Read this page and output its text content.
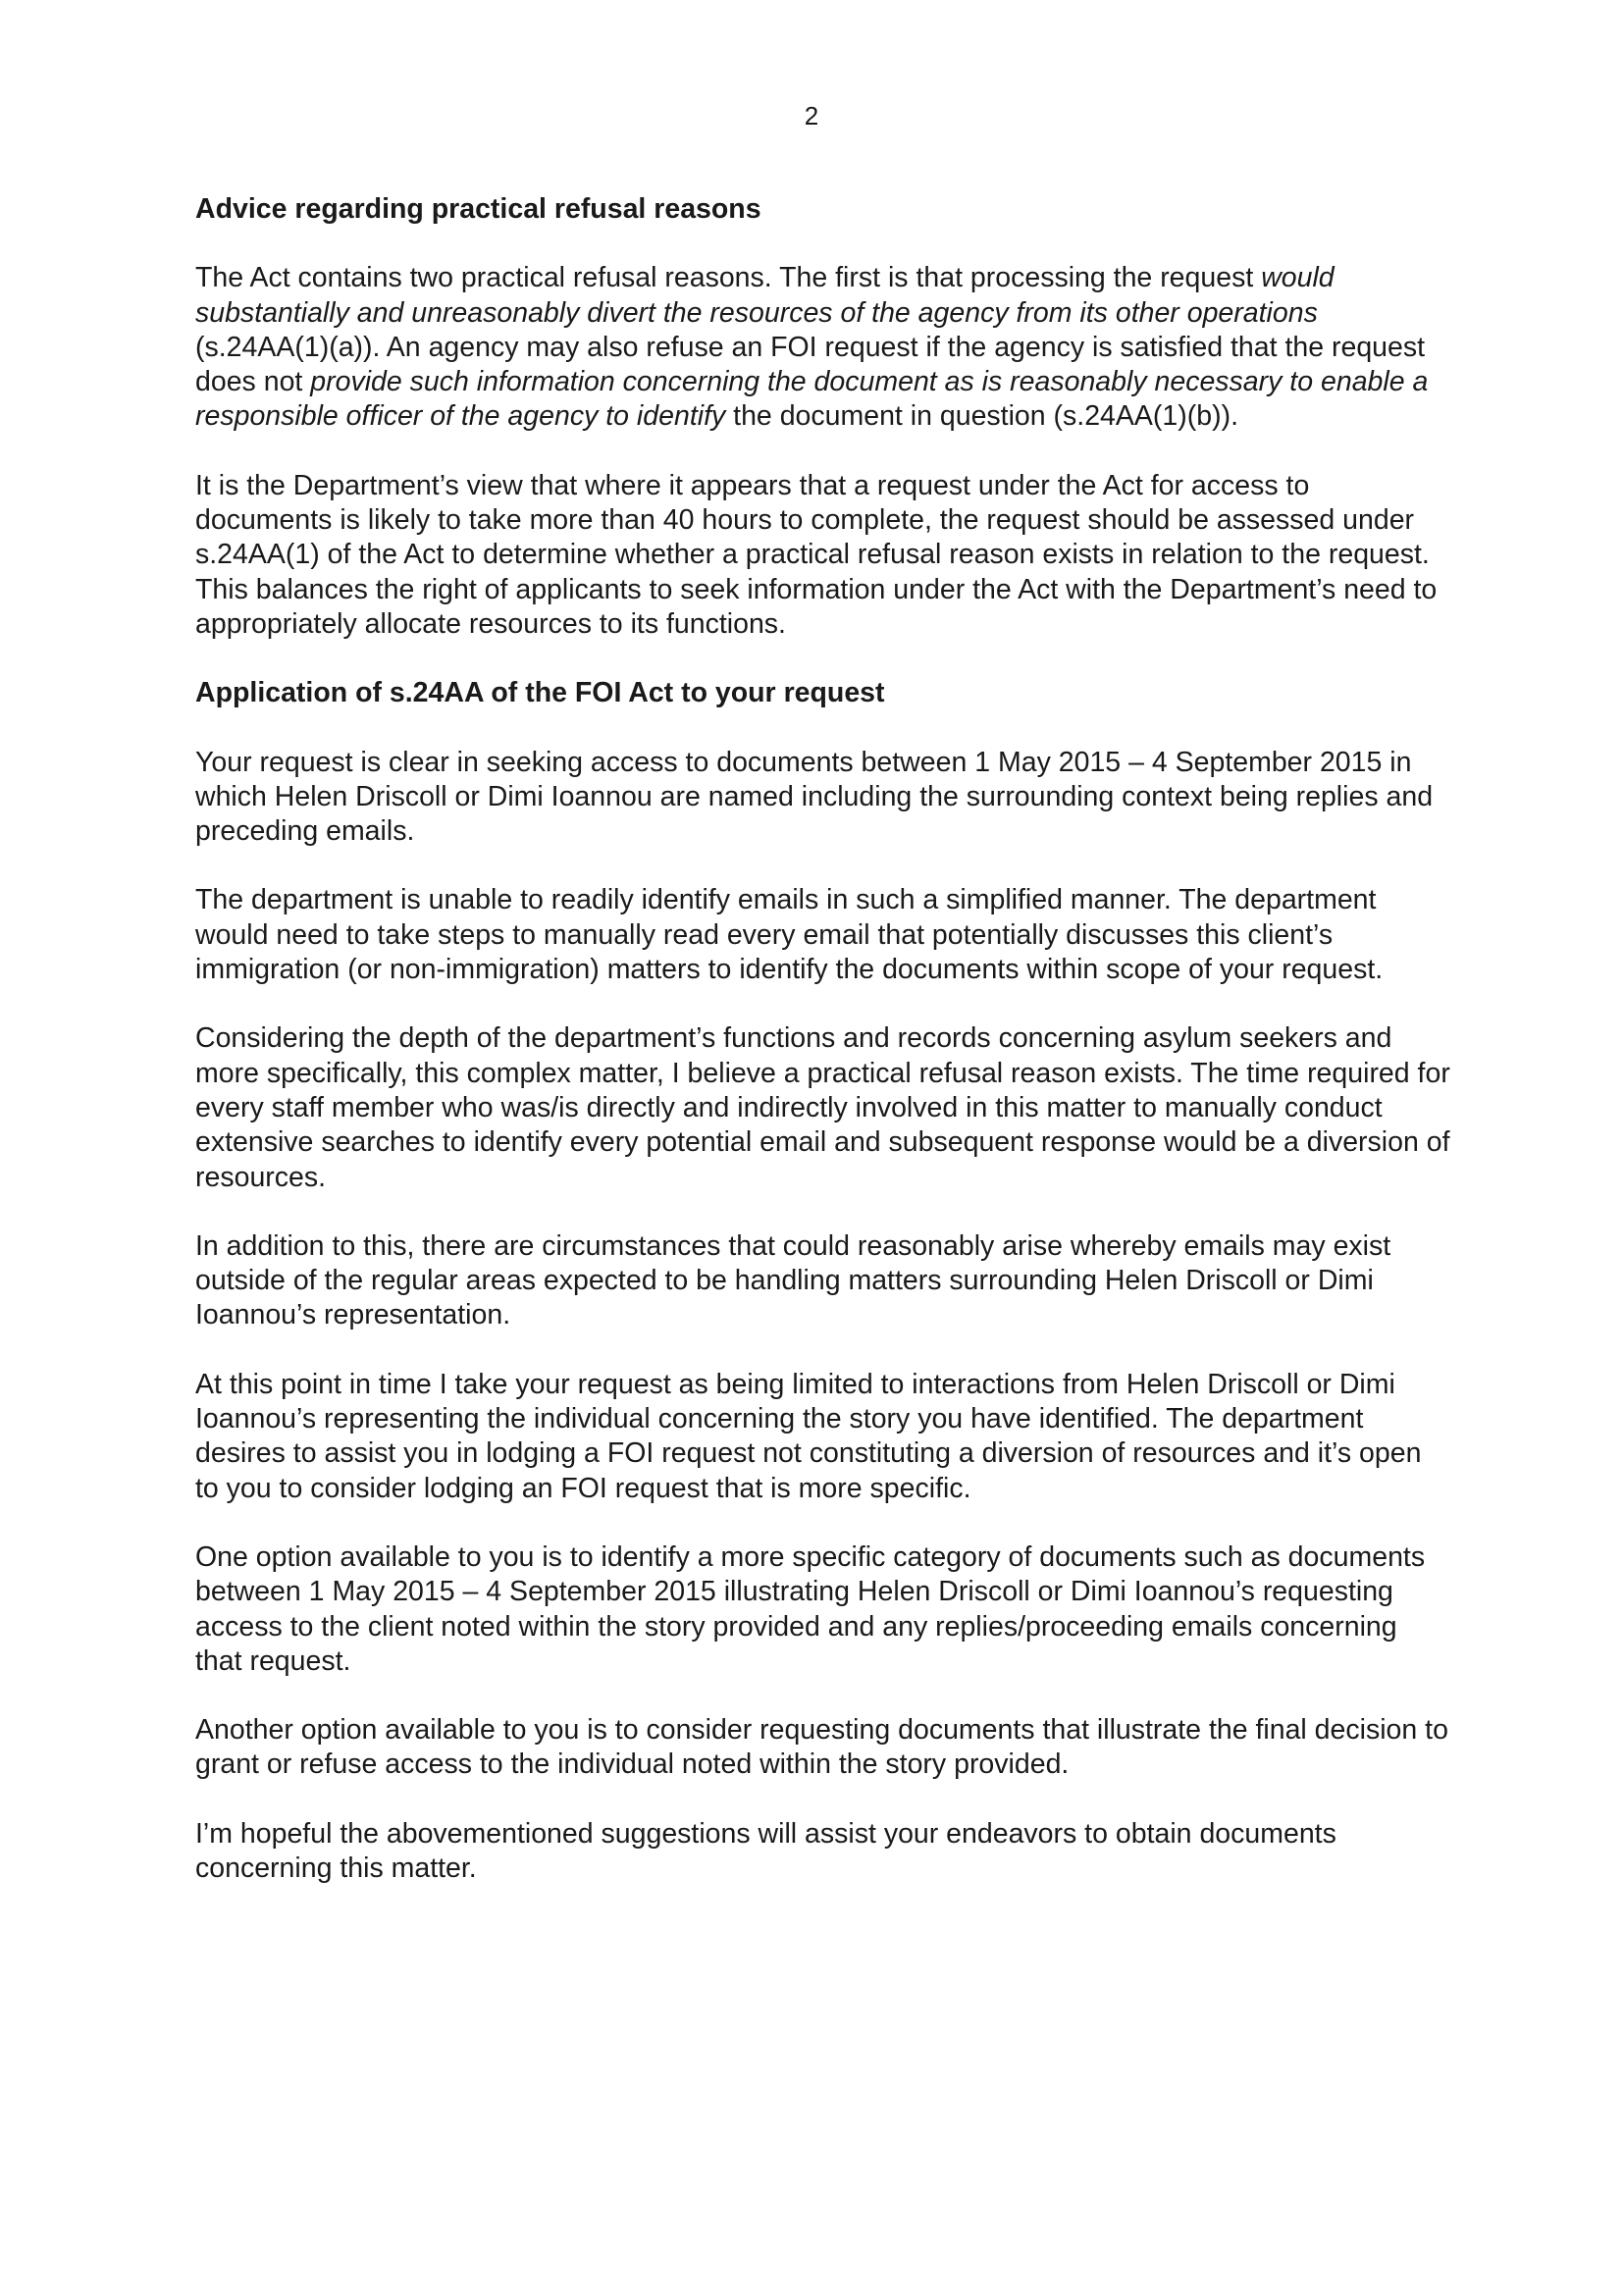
2
Advice regarding practical refusal reasons

The Act contains two practical refusal reasons. The first is that processing the request would substantially and unreasonably divert the resources of the agency from its other operations (s.24AA(1)(a)). An agency may also refuse an FOI request if the agency is satisfied that the request does not provide such information concerning the document as is reasonably necessary to enable a responsible officer of the agency to identify the document in question (s.24AA(1)(b)).

It is the Department’s view that where it appears that a request under the Act for access to documents is likely to take more than 40 hours to complete, the request should be assessed under s.24AA(1) of the Act to determine whether a practical refusal reason exists in relation to the request. This balances the right of applicants to seek information under the Act with the Department’s need to appropriately allocate resources to its functions.

Application of s.24AA of the FOI Act to your request

Your request is clear in seeking access to documents between 1 May 2015 – 4 September 2015 in which Helen Driscoll or Dimi Ioannou are named including the surrounding context being replies and preceding emails.

The department is unable to readily identify emails in such a simplified manner. The department would need to take steps to manually read every email that potentially discusses this client’s immigration (or non-immigration) matters to identify the documents within scope of your request.

Considering the depth of the department’s functions and records concerning asylum seekers and more specifically, this complex matter, I believe a practical refusal reason exists. The time required for every staff member who was/is directly and indirectly involved in this matter to manually conduct extensive searches to identify every potential email and subsequent response would be a diversion of resources.

In addition to this, there are circumstances that could reasonably arise whereby emails may exist outside of the regular areas expected to be handling matters surrounding Helen Driscoll or Dimi Ioannou’s representation.

At this point in time I take your request as being limited to interactions from Helen Driscoll or Dimi Ioannou’s representing the individual concerning the story you have identified. The department desires to assist you in lodging a FOI request not constituting a diversion of resources and it’s open to you to consider lodging an FOI request that is more specific.

One option available to you is to identify a more specific category of documents such as documents between 1 May 2015 – 4 September 2015 illustrating Helen Driscoll or Dimi Ioannou’s requesting access to the client noted within the story provided and any replies/proceeding emails concerning that request.

Another option available to you is to consider requesting documents that illustrate the final decision to grant or refuse access to the individual noted within the story provided.

I’m hopeful the abovementioned suggestions will assist your endeavors to obtain documents concerning this matter.
